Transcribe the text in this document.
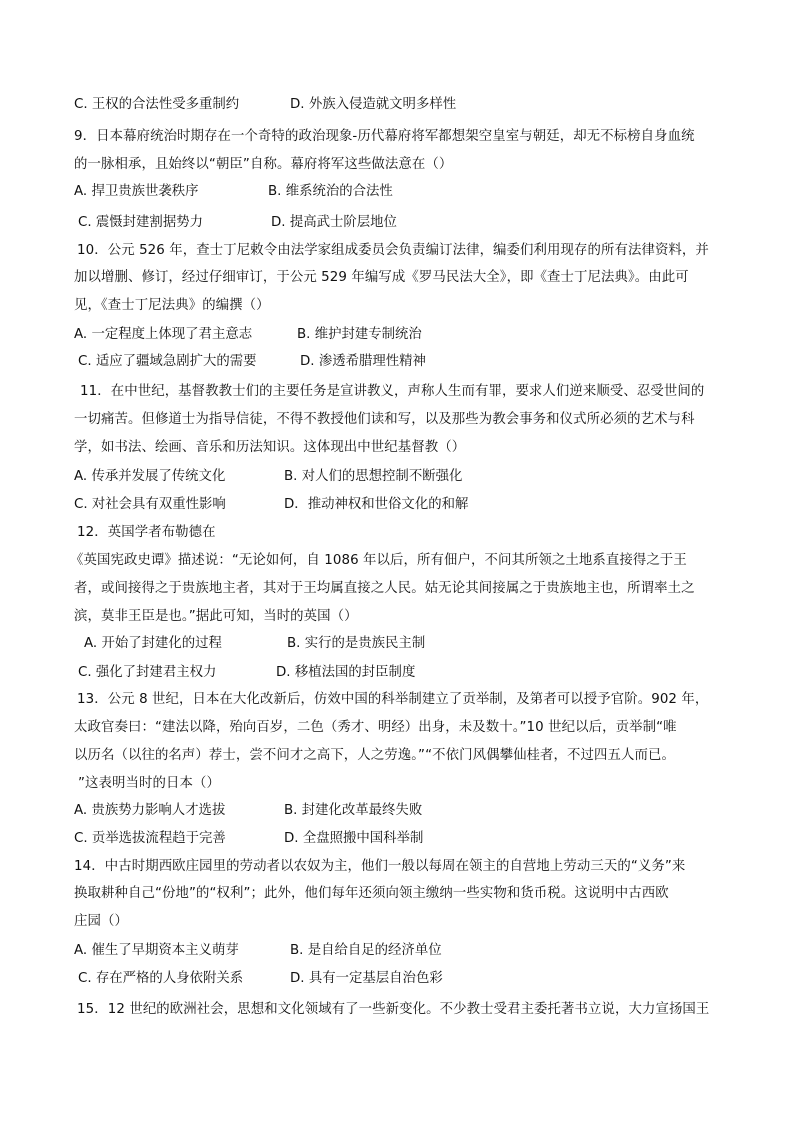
C. 王权的合法性受多重制约	D. 外族入侵造就文明多样性
9．日本幕府统治时期存在一个奇特的政治现象-历代幕府将军都想架空皇室与朝廷，却无不标榜自身血统
的一脉相承，且始终以“朝臣”自称。幕府将军这些做法意在（）
A. 捍卫贵族世袭秩序	B. 维系统治的合法性
C. 震慑封建割据势力	D. 提高武士阶层地位
10．公元 526 年，查士丁尼敕令由法学家组成委员会负责编订法律，编委们利用现存的所有法律资料，并
加以增删、修订，经过仔细审订，于公元 529 年编写成《罗马民法大全》，即《查士丁尼法典》。由此可
见，《查士丁尼法典》的编撰（）
A. 一定程度上体现了君主意志	B. 维护封建专制统治
C. 适应了疆域急剧扩大的需要	D. 渗透希腊理性精神
11．在中世纪，基督教教士们的主要任务是宣讲教义，声称人生而有罪，要求人们逆来顺受、忍受世间的
一切痛苦。但修道士为指导信徒，不得不教授他们读和写，以及那些为教会事务和仪式所必须的艺术与科
学，如书法、绘画、音乐和历法知识。这体现出中世纪基督教（）
A. 传承并发展了传统文化	B. 对人们的思想控制不断强化
C. 对社会具有双重性影响	D．推动神权和世俗文化的和解
12．英国学者布勒德在
《英国宪政史谭》描述说：“无论如何，自 1086 年以后，所有佃户，不问其所领之土地系直接得之于王
者，或间接得之于贵族地主者，其对于王均属直接之人民。姑无论其间接属之于贵族地主也，所谓率土之
滨，莫非王臣是也。”据此可知，当时的英国（）
A. 开始了封建化的过程	B. 实行的是贵族民主制
C. 强化了封建君主权力	D. 移植法国的封臣制度
13．公元 8 世纪，日本在大化改新后，仿效中国的科举制建立了贡举制，及第者可以授予官阶。902 年，
太政官奏曰：“建法以降，殆向百岁，二色（秀才、明经）出身，未及数十。”10 世纪以后，贡举制“唯
以历名（以往的名声）荐士，尝不问才之高下，人之劳逸。”“不依门风偶攀仙桂者，不过四五人而已。
”这表明当时的日本（）
A. 贵族势力影响人才选拔	B. 封建化改革最终失败
C. 贡举选拔流程趋于完善	D. 全盘照搬中国科举制
14．中古时期西欧庄园里的劳动者以农奴为主，他们一般以每周在领主的自营地上劳动三天的“义务”来
换取耕种自己“份地”的“权利”；此外，他们每年还须向领主缴纳一些实物和货币税。这说明中古西欧
庄园（）
A. 催生了早期资本主义萌芽	B. 是自给自足的经济单位
C. 存在严格的人身依附关系	D. 具有一定基层自治色彩
15．12 世纪的欧洲社会，思想和文化领域有了一些新变化。不少教士受君主委托著书立说，大力宣扬国王
